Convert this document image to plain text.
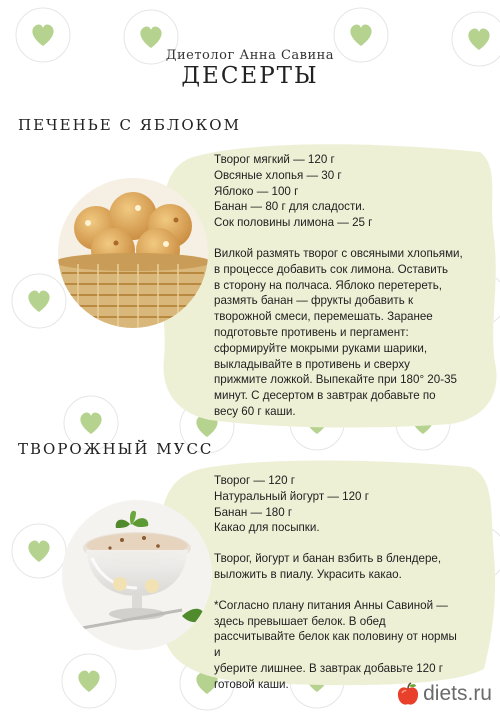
Диетолог Анна Савина
ДЕСЕРТЫ
ПЕЧЕНЬЕ С ЯБЛОКОМ
Творог мягкий — 120 г
Овсяные хлопья — 30 г
Яблоко — 100 г
Банан — 80 г для сладости.
Сок половины лимона — 25 г
Вилкой размять творог с овсяными хлопьями,
в процессе добавить сок лимона. Оставить
в сторону на полчаса. Яблоко перетереть,
размять банан — фрукты добавить к
творожной смеси, перемешать. Заранее
подготовьте противень и пергамент:
сформируйте мокрыми руками шарики,
выкладывайте в противень и сверху
прижмите ложкой. Выпекайте при 180° 20-35
минут. С десертом в завтрак добавьте по
весу 60 г каши.
ТВОРОЖНЫЙ МУСС
Творог — 120 г
Натуральный йогурт — 120 г
Банан — 180 г
Какао для посыпки.
Творог, йогурт и банан взбить в блендере,
выложить в пиалу. Украсить какао.
*Согласно плану питания Анны Савиной —
здесь превышает белок. В обед
рассчитывайте белок как половину от нормы и
уберите лишнее. В завтрак добавьте 120 г
готовой каши.	diets.ru
